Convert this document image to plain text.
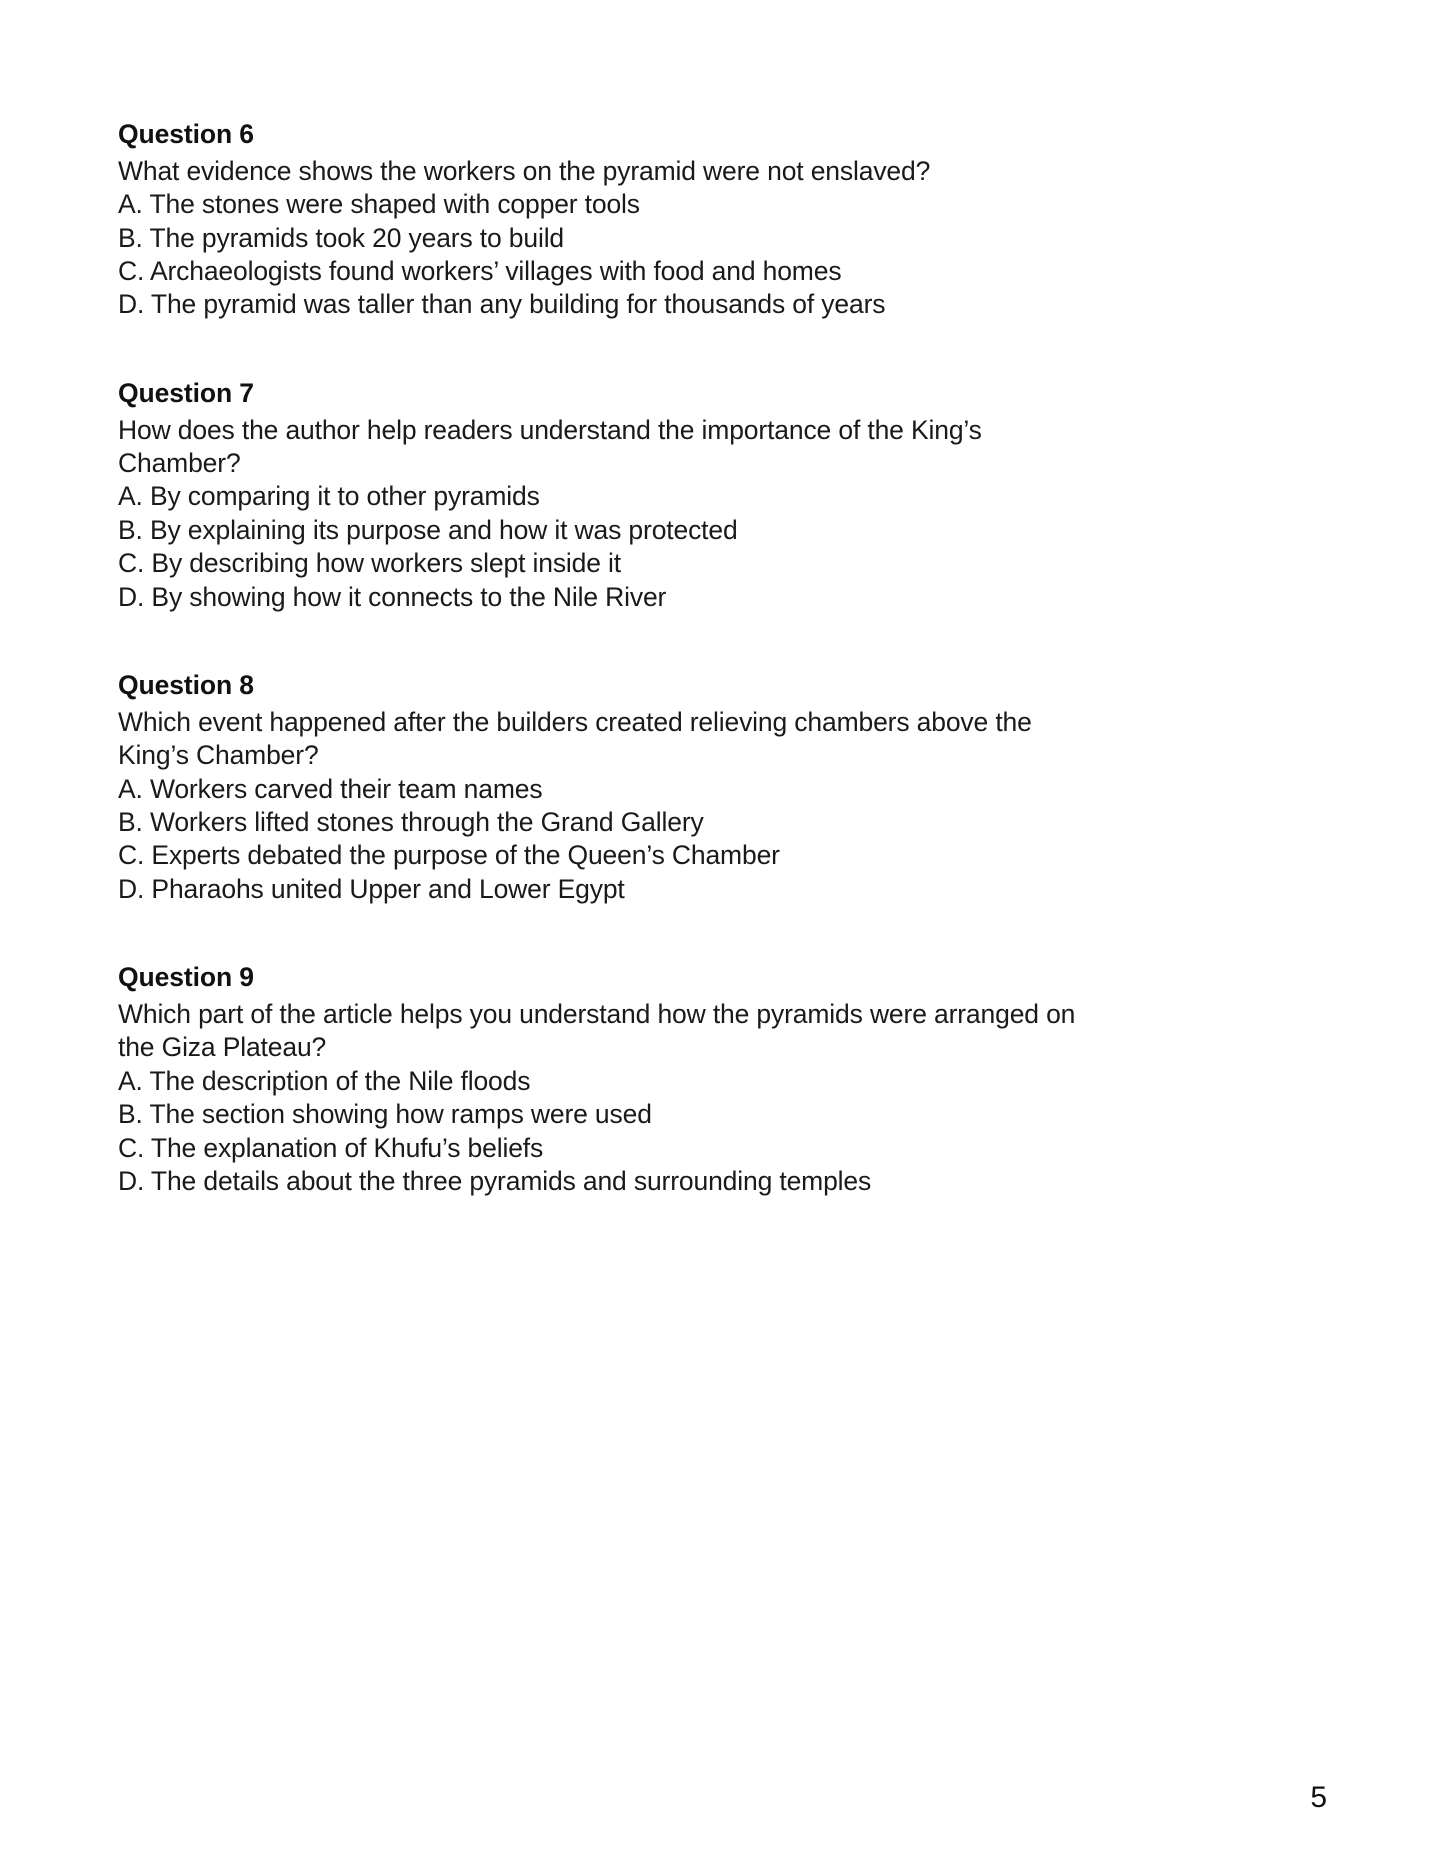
Question 6
What evidence shows the workers on the pyramid were not enslaved?
A. The stones were shaped with copper tools
B. The pyramids took 20 years to build
C. Archaeologists found workers’ villages with food and homes
D. The pyramid was taller than any building for thousands of years
Question 7
How does the author help readers understand the importance of the King’s Chamber?
A. By comparing it to other pyramids
B. By explaining its purpose and how it was protected
C. By describing how workers slept inside it
D. By showing how it connects to the Nile River
Question 8
Which event happened after the builders created relieving chambers above the King’s Chamber?
A. Workers carved their team names
B. Workers lifted stones through the Grand Gallery
C. Experts debated the purpose of the Queen’s Chamber
D. Pharaohs united Upper and Lower Egypt
Question 9
Which part of the article helps you understand how the pyramids were arranged on the Giza Plateau?
A. The description of the Nile floods
B. The section showing how ramps were used
C. The explanation of Khufu’s beliefs
D. The details about the three pyramids and surrounding temples
5
